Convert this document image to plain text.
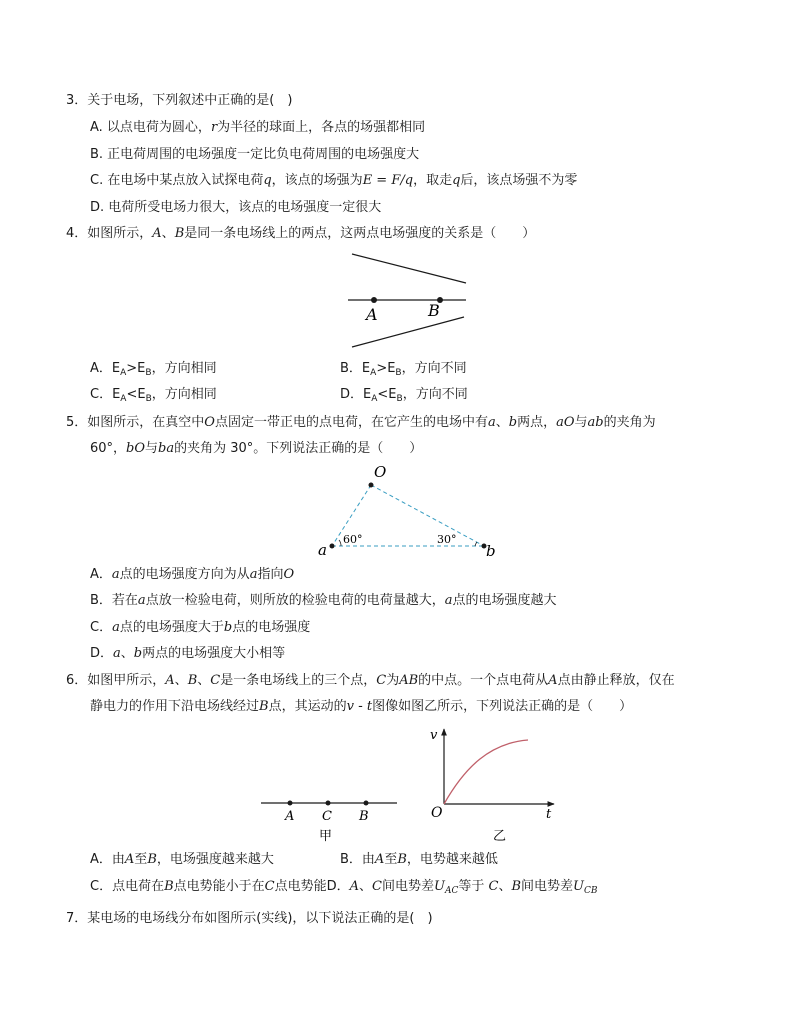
3．关于电场，下列叙述中正确的是(　)
A. 以点电荷为圆心，r为半径的球面上，各点的场强都相同
B. 正电荷周围的电场强度一定比负电荷周围的电场强度大
C. 在电场中某点放入试探电荷q，该点的场强为E = F/q，取走q后，该点场强不为零
D. 电荷所受电场力很大，该点的电场强度一定很大
4．如图所示，A、B是同一条电场线上的两点，这两点电场强度的关系是（　　）
A	B
A．$E_A>E_B$，方向相同	B．$E_A>E_B$，方向不同
C．$E_A<E_B$，方向相同	D．$E_A<E_B$，方向不同
5．如图所示，在真空中O点固定一带正电的点电荷，在它产生的电场中有a、b两点，aO与ab的夹角为
60°，bO与ba的夹角为 30°。下列说法正确的是（　　）
O
a	b
60°	30°
A．a点的电场强度方向为从a指向O
B．若在a点放一检验电荷，则所放的检验电荷的电荷量越大，a点的电场强度越大
C．a点的电场强度大于b点的电场强度
D．a、b两点的电场强度大小相等
6．如图甲所示，A、B、C是一条电场线上的三个点，C为AB的中点。一个点电荷从A点由静止释放，仅在
静电力的作用下沿电场线经过B点，其运动的v - t图像如图乙所示，下列说法正确的是（　　）
A C B
甲
v
t
O
乙
A．由A至B，电场强度越来越大	B．由A至B，电势越来越低
C．点电荷在B点电势能小于在C点电势能D．A、C间电势差$U_{AC}$等于 C、B间电势差$U_{CB}$
7．某电场的电场线分布如图所示(实线)，以下说法正确的是(　)
